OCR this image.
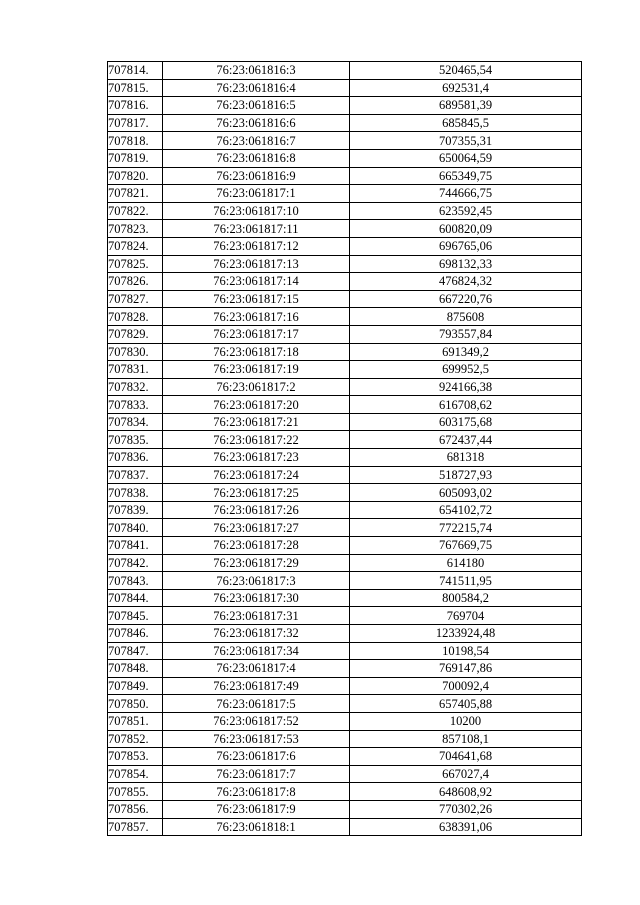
707814.	76:23:061816:3	520465,54
707815.	76:23:061816:4	692531,4
707816.	76:23:061816:5	689581,39
707817.	76:23:061816:6	685845,5
707818.	76:23:061816:7	707355,31
707819.	76:23:061816:8	650064,59
707820.	76:23:061816:9	665349,75
707821.	76:23:061817:1	744666,75
707822.	76:23:061817:10	623592,45
707823.	76:23:061817:11	600820,09
707824.	76:23:061817:12	696765,06
707825.	76:23:061817:13	698132,33
707826.	76:23:061817:14	476824,32
707827.	76:23:061817:15	667220,76
707828.	76:23:061817:16	875608
707829.	76:23:061817:17	793557,84
707830.	76:23:061817:18	691349,2
707831.	76:23:061817:19	699952,5
707832.	76:23:061817:2	924166,38
707833.	76:23:061817:20	616708,62
707834.	76:23:061817:21	603175,68
707835.	76:23:061817:22	672437,44
707836.	76:23:061817:23	681318
707837.	76:23:061817:24	518727,93
707838.	76:23:061817:25	605093,02
707839.	76:23:061817:26	654102,72
707840.	76:23:061817:27	772215,74
707841.	76:23:061817:28	767669,75
707842.	76:23:061817:29	614180
707843.	76:23:061817:3	741511,95
707844.	76:23:061817:30	800584,2
707845.	76:23:061817:31	769704
707846.	76:23:061817:32	1233924,48
707847.	76:23:061817:34	10198,54
707848.	76:23:061817:4	769147,86
707849.	76:23:061817:49	700092,4
707850.	76:23:061817:5	657405,88
707851.	76:23:061817:52	10200
707852.	76:23:061817:53	857108,1
707853.	76:23:061817:6	704641,68
707854.	76:23:061817:7	667027,4
707855.	76:23:061817:8	648608,92
707856.	76:23:061817:9	770302,26
707857.	76:23:061818:1	638391,06
